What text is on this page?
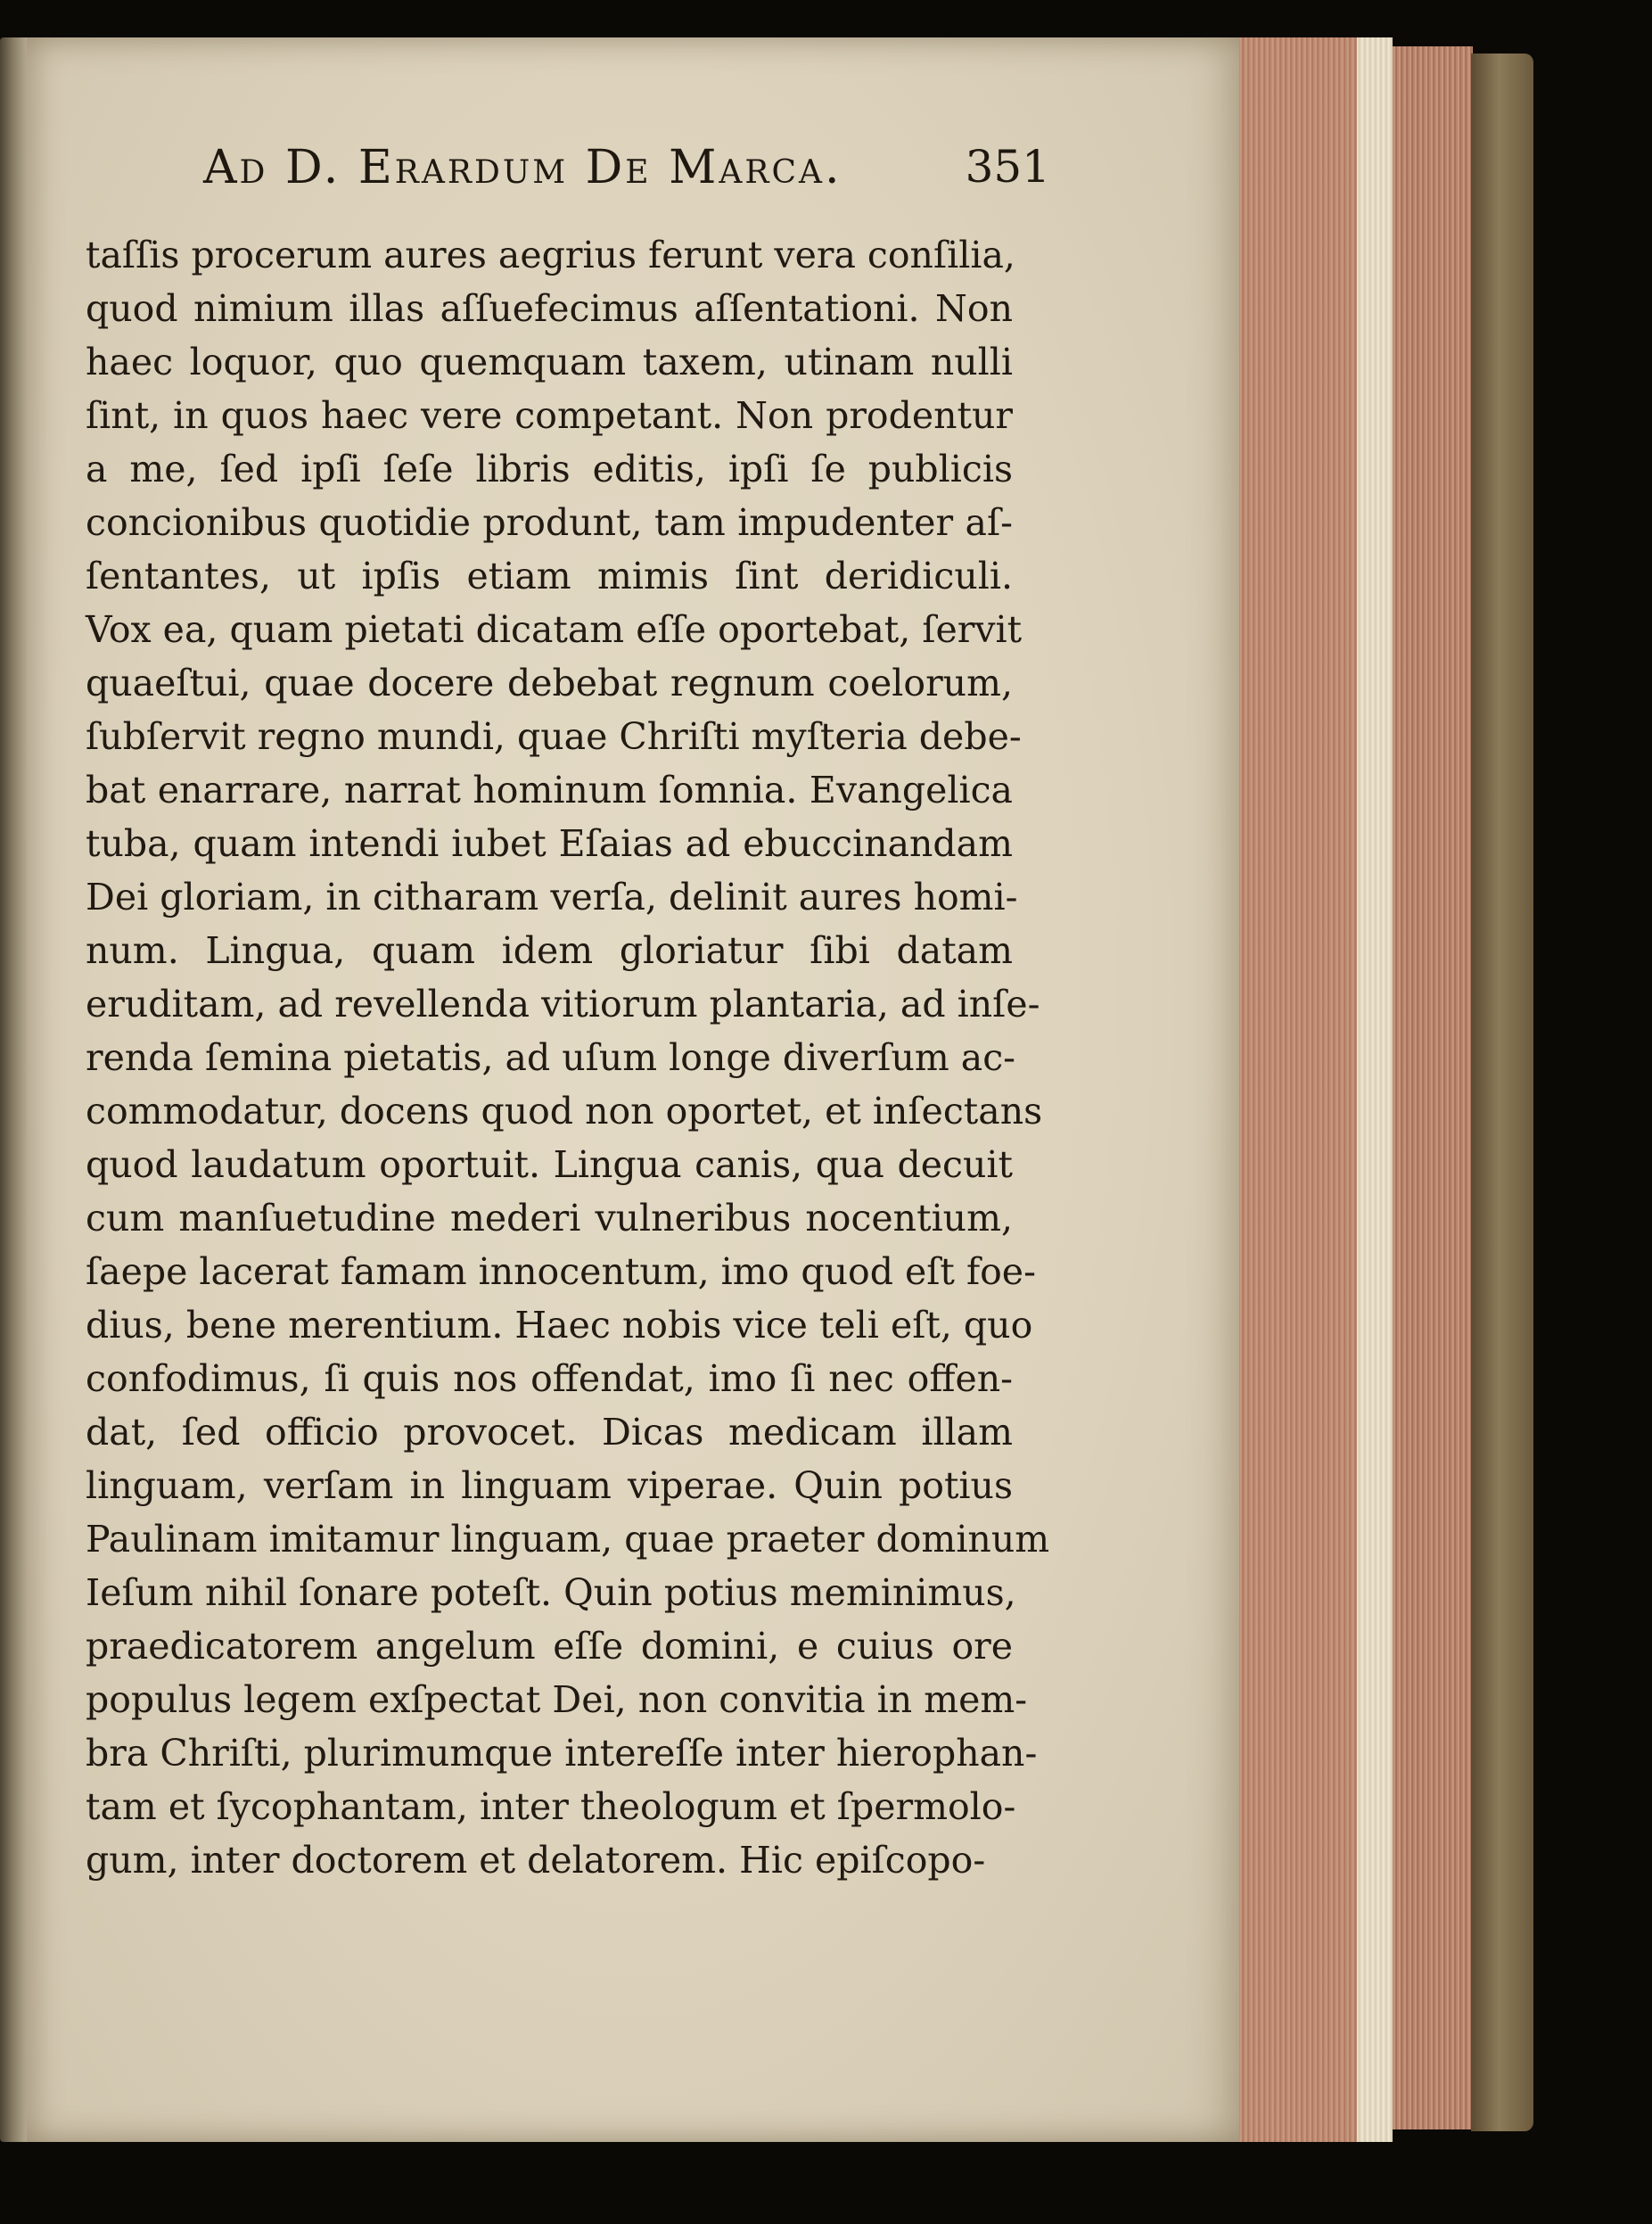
Ad D. Erardum De Marca.	351
taſſis procerum aures aegrius ferunt vera conſilia,
quod nimium illas aſſuefecimus aſſentationi. Non
haec loquor, quo quemquam taxem, utinam nulli
ſint, in quos haec vere competant. Non prodentur
a me, ſed ipſi ſeſe libris editis, ipſi ſe publicis
concionibus quotidie produnt, tam impudenter aſ-
ſentantes, ut ipſis etiam mimis ſint deridiculi.
Vox ea, quam pietati dicatam eſſe oportebat, ſervit
quaeſtui, quae docere debebat regnum coelorum,
ſubſervit regno mundi, quae Chriſti myſteria debe-
bat enarrare, narrat hominum ſomnia. Evangelica
tuba, quam intendi iubet Eſaias ad ebuccinandam
Dei gloriam, in citharam verſa, delinit aures homi-
num. Lingua, quam idem gloriatur ſibi datam
eruditam, ad revellenda vitiorum plantaria, ad inſe-
renda ſemina pietatis, ad uſum longe diverſum ac-
commodatur, docens quod non oportet, et inſectans
quod laudatum oportuit. Lingua canis, qua decuit
cum manſuetudine mederi vulneribus nocentium,
ſaepe lacerat famam innocentum, imo quod eſt foe-
dius, bene merentium. Haec nobis vice teli eſt, quo
confodimus, ſi quis nos offendat, imo ſi nec offen-
dat, ſed officio provocet. Dicas medicam illam
linguam, verſam in linguam viperae. Quin potius
Paulinam imitamur linguam, quae praeter dominum
Ieſum nihil ſonare poteſt. Quin potius meminimus,
praedicatorem angelum eſſe domini, e cuius ore
populus legem exſpectat Dei, non convitia in mem-
bra Chriſti, plurimumque intereſſe inter hierophan-
tam et ſycophantam, inter theologum et ſpermolo-
gum, inter doctorem et delatorem. Hic epiſcopo-
